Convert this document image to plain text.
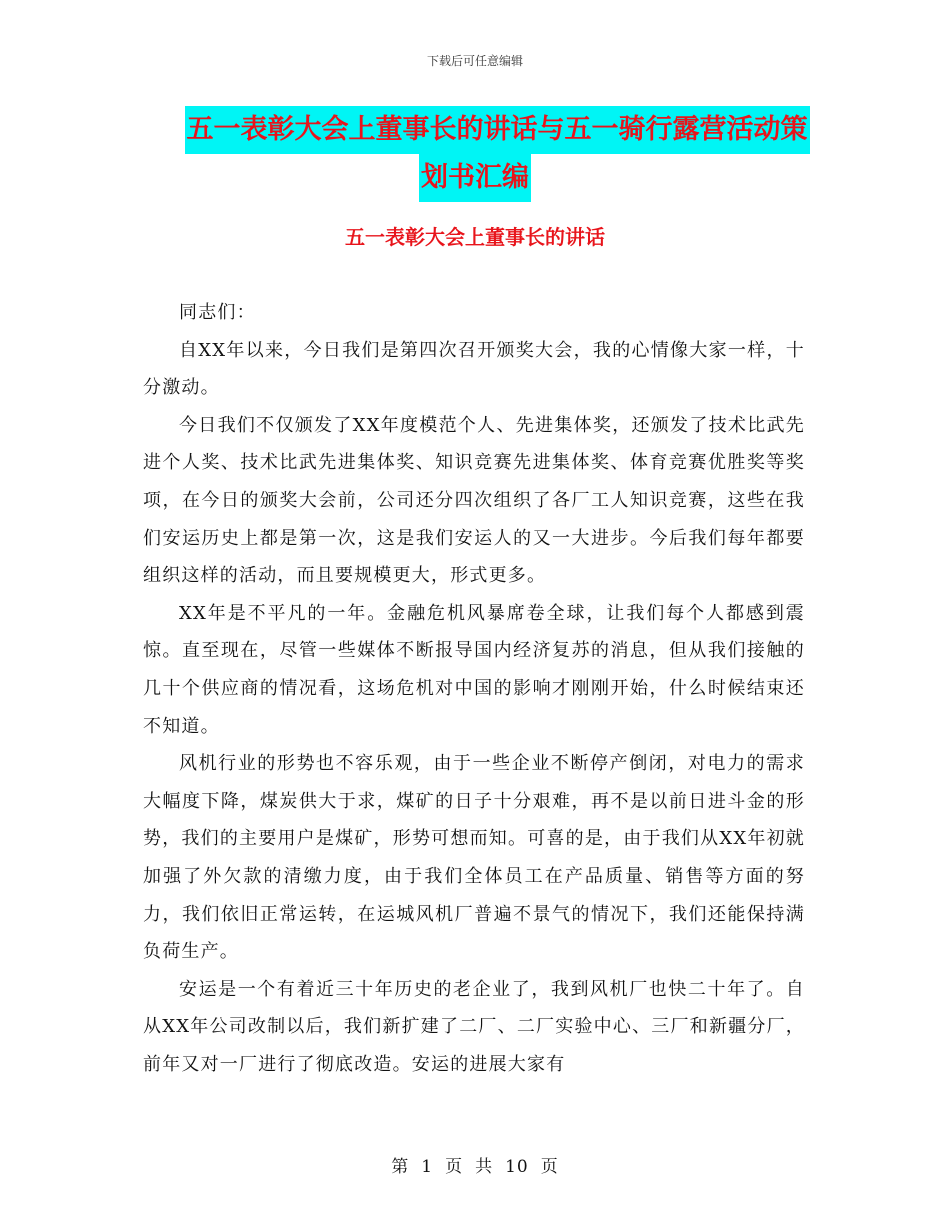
下载后可任意编辑
五一表彰大会上董事长的讲话与五一骑行露营活动策
划书汇编
五一表彰大会上董事长的讲话

同志们：

自XX年以来，今日我们是第四次召开颁奖大会，我的心情像大家一样，十分激动。

今日我们不仅颁发了XX年度模范个人、先进集体奖，还颁发了技术比武先进个人奖、技术比武先进集体奖、知识竞赛先进集体奖、体育竞赛优胜奖等奖项，在今日的颁奖大会前，公司还分四次组织了各厂工人知识竞赛，这些在我们安运历史上都是第一次，这是我们安运人的又一大进步。今后我们每年都要组织这样的活动，而且要规模更大，形式更多。

XX年是不平凡的一年。金融危机风暴席卷全球，让我们每个人都感到震惊。直至现在，尽管一些媒体不断报导国内经济复苏的消息，但从我们接触的几十个供应商的情况看，这场危机对中国的影响才刚刚开始，什么时候结束还不知道。

风机行业的形势也不容乐观，由于一些企业不断停产倒闭，对电力的需求大幅度下降，煤炭供大于求，煤矿的日子十分艰难，再不是以前日进斗金的形势，我们的主要用户是煤矿，形势可想而知。可喜的是，由于我们从XX年初就加强了外欠款的清缴力度，由于我们全体员工在产品质量、销售等方面的努力，我们依旧正常运转，在运城风机厂普遍不景气的情况下，我们还能保持满负荷生产。

安运是一个有着近三十年历史的老企业了，我到风机厂也快二十年了。自从XX年公司改制以后，我们新扩建了二厂、二厂实验中心、三厂和新疆分厂，前年又对一厂进行了彻底改造。安运的进展大家有

第 1 页 共 10 页
